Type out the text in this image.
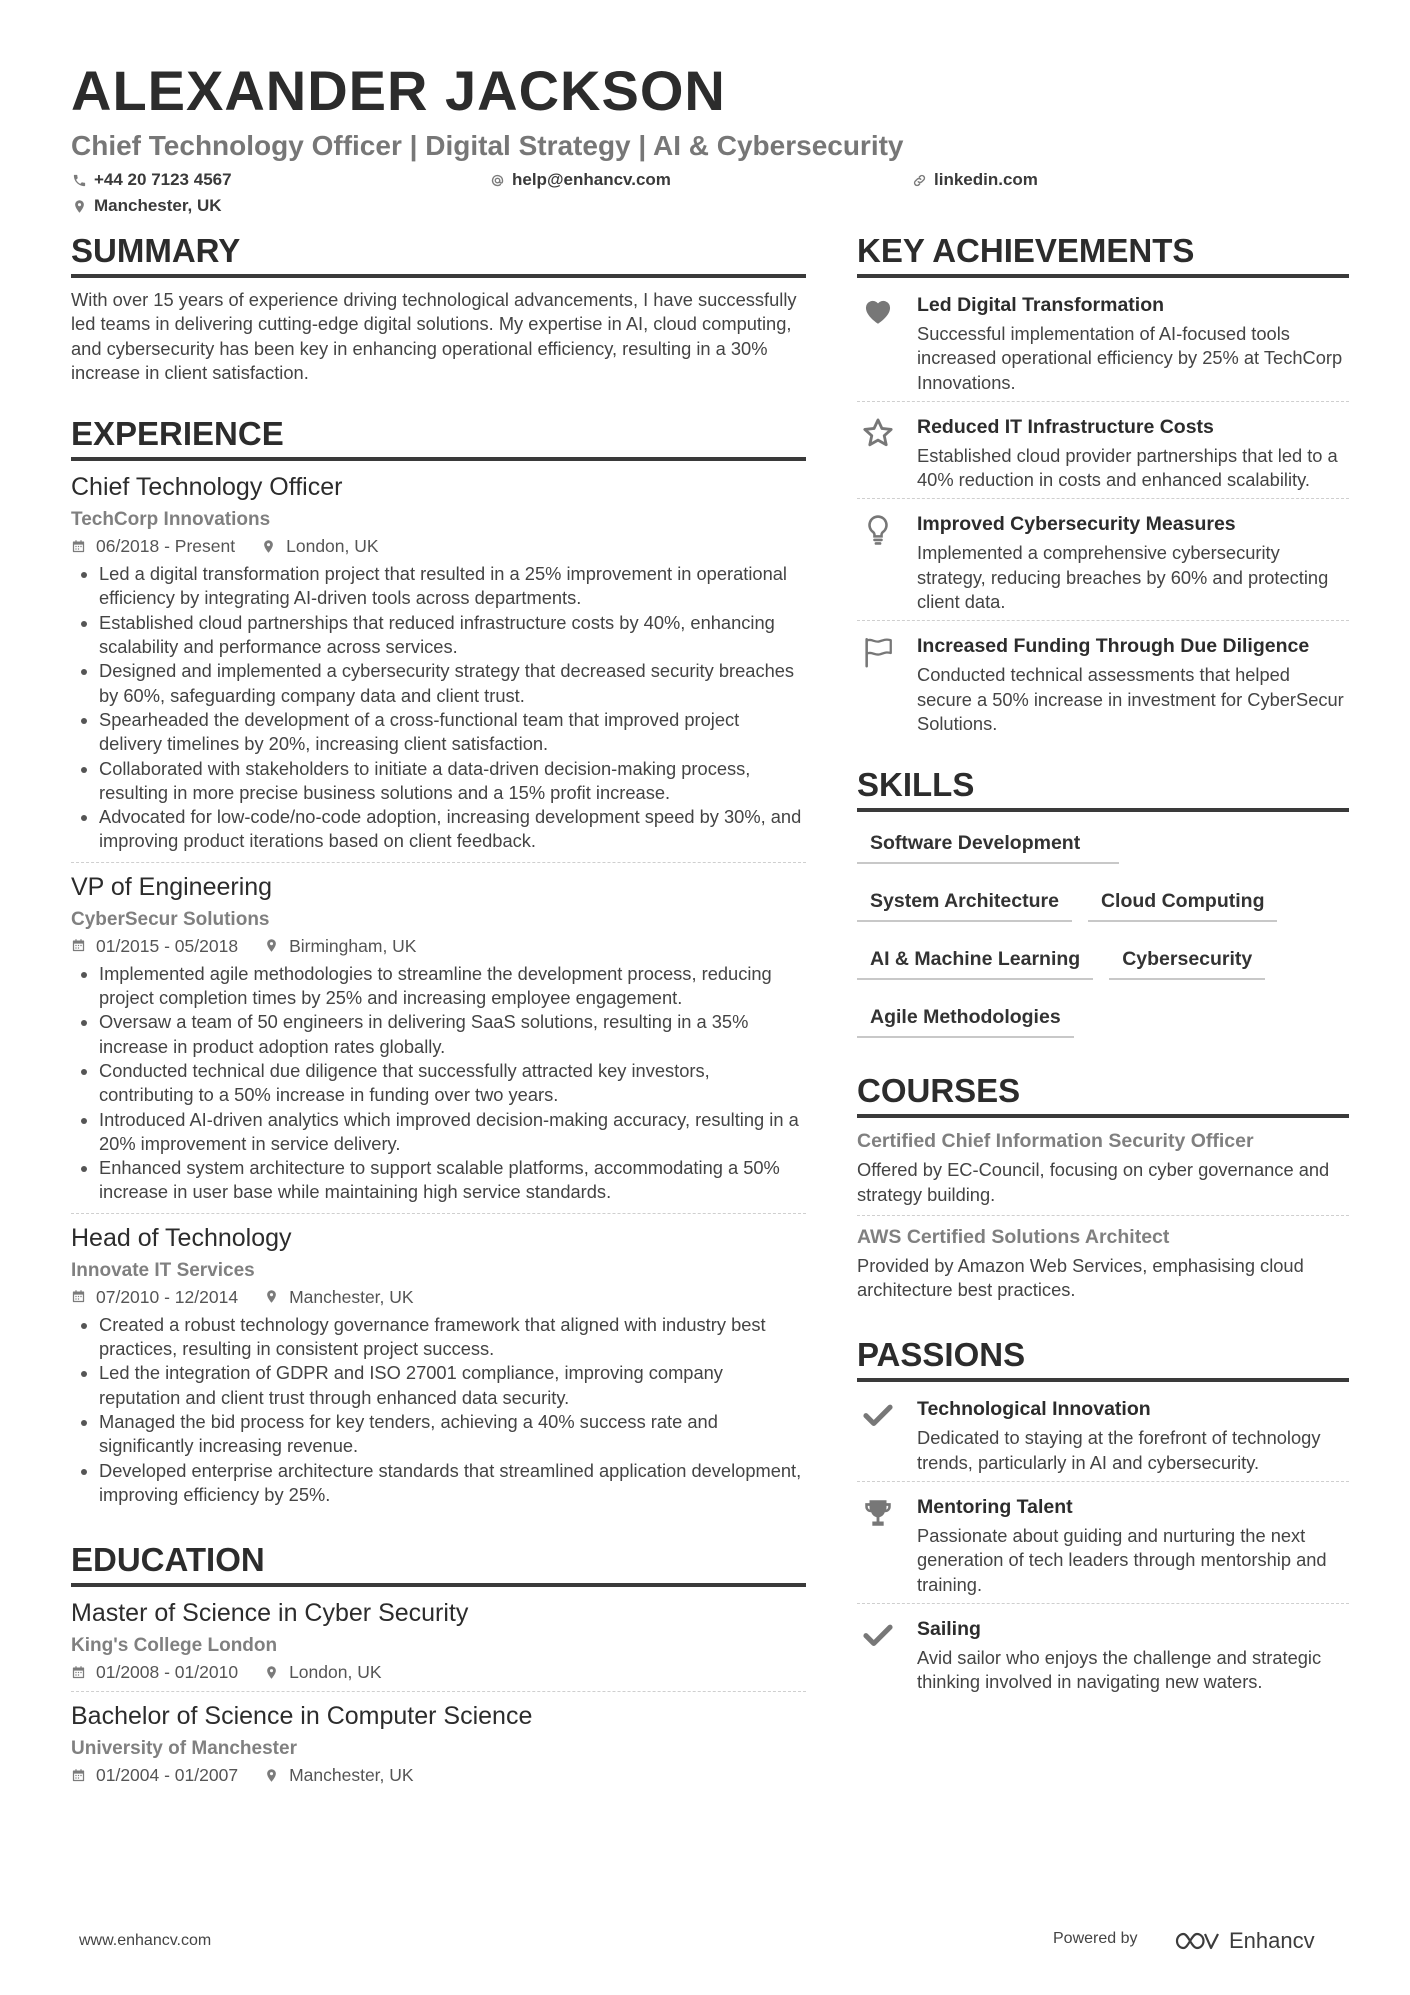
ALEXANDER JACKSON
Chief Technology Officer | Digital Strategy | AI & Cybersecurity
+44 20 7123 4567	help@enhancv.com	linkedin.com
Manchester, UK
SUMMARY
With over 15 years of experience driving technological advancements, I have successfully led teams in delivering cutting-edge digital solutions. My expertise in AI, cloud computing, and cybersecurity has been key in enhancing operational efficiency, resulting in a 30% increase in client satisfaction.
EXPERIENCE
Chief Technology Officer
TechCorp Innovations
06/2018 - Present	London, UK
Led a digital transformation project that resulted in a 25% improvement in operational efficiency by integrating AI-driven tools across departments.
Established cloud partnerships that reduced infrastructure costs by 40%, enhancing scalability and performance across services.
Designed and implemented a cybersecurity strategy that decreased security breaches by 60%, safeguarding company data and client trust.
Spearheaded the development of a cross-functional team that improved project delivery timelines by 20%, increasing client satisfaction.
Collaborated with stakeholders to initiate a data-driven decision-making process, resulting in more precise business solutions and a 15% profit increase.
Advocated for low-code/no-code adoption, increasing development speed by 30%, and improving product iterations based on client feedback.
VP of Engineering
CyberSecur Solutions
01/2015 - 05/2018	Birmingham, UK
Implemented agile methodologies to streamline the development process, reducing project completion times by 25% and increasing employee engagement.
Oversaw a team of 50 engineers in delivering SaaS solutions, resulting in a 35% increase in product adoption rates globally.
Conducted technical due diligence that successfully attracted key investors, contributing to a 50% increase in funding over two years.
Introduced AI-driven analytics which improved decision-making accuracy, resulting in a 20% improvement in service delivery.
Enhanced system architecture to support scalable platforms, accommodating a 50% increase in user base while maintaining high service standards.
Head of Technology
Innovate IT Services
07/2010 - 12/2014	Manchester, UK
Created a robust technology governance framework that aligned with industry best practices, resulting in consistent project success.
Led the integration of GDPR and ISO 27001 compliance, improving company reputation and client trust through enhanced data security.
Managed the bid process for key tenders, achieving a 40% success rate and significantly increasing revenue.
Developed enterprise architecture standards that streamlined application development, improving efficiency by 25%.
EDUCATION
Master of Science in Cyber Security
King's College London
01/2008 - 01/2010	London, UK
Bachelor of Science in Computer Science
University of Manchester
01/2004 - 01/2007	Manchester, UK
KEY ACHIEVEMENTS
Led Digital Transformation
Successful implementation of AI-focused tools increased operational efficiency by 25% at TechCorp Innovations.
Reduced IT Infrastructure Costs
Established cloud provider partnerships that led to a 40% reduction in costs and enhanced scalability.
Improved Cybersecurity Measures
Implemented a comprehensive cybersecurity strategy, reducing breaches by 60% and protecting client data.
Increased Funding Through Due Diligence
Conducted technical assessments that helped secure a 50% increase in investment for CyberSecur Solutions.
SKILLS
Software Development
System Architecture	Cloud Computing
AI & Machine Learning	Cybersecurity
Agile Methodologies
COURSES
Certified Chief Information Security Officer
Offered by EC-Council, focusing on cyber governance and strategy building.
AWS Certified Solutions Architect
Provided by Amazon Web Services, emphasising cloud architecture best practices.
PASSIONS
Technological Innovation
Dedicated to staying at the forefront of technology trends, particularly in AI and cybersecurity.
Mentoring Talent
Passionate about guiding and nurturing the next generation of tech leaders through mentorship and training.
Sailing
Avid sailor who enjoys the challenge and strategic thinking involved in navigating new waters.
www.enhancv.com	Powered by	Enhancv
